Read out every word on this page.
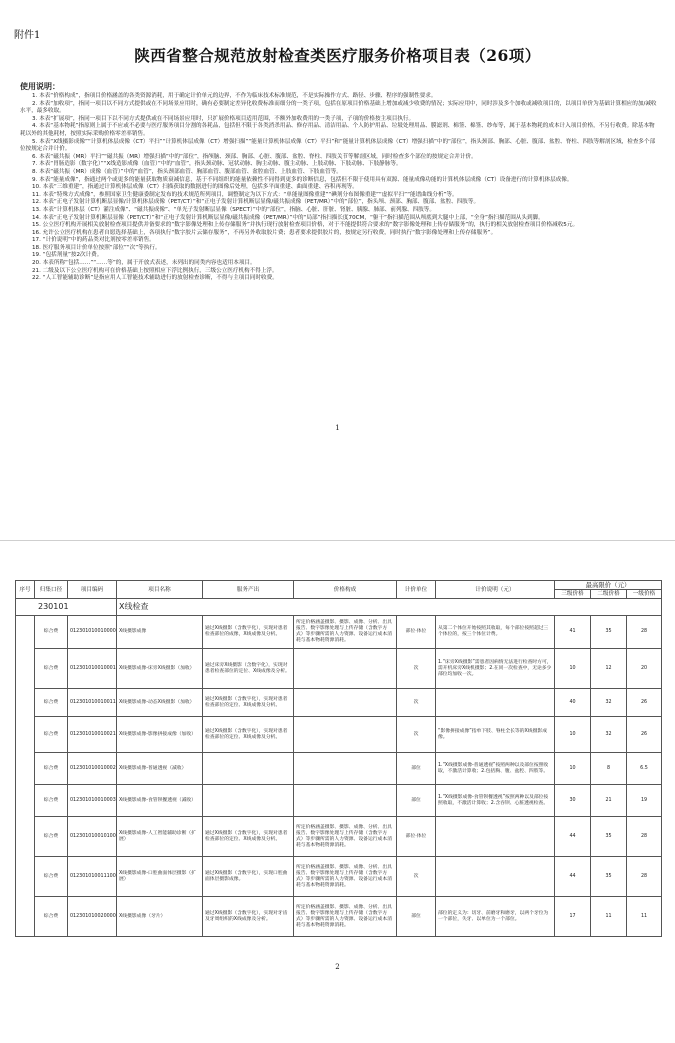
附件1
陕西省整合规范放射检查类医疗服务价格项目表（26项）
使用说明：

1. 本表“价格构成”，指项目价格涵盖的各类资源消耗，用于确定计价单元的边界，不作为临床技术标准规范，不是实际操作方式、路径、步骤、程序的强制性要求。

2. 本表“加收项”，指同一项目以不同方式提供或在不同场景应用时，确有必要制定差异化收费标准而细分的一类子项，包括在原项目价格基础上增加或减少收费的情况；实际应用中，同时涉及多个加收或减收项目的，以项目单价为基础计算相应的加/减收水平，最多收取。

3. 本表“扩展项”，指同一项目下以不同方式提供或在不同场景应用时，只扩展价格项目适用范围，不额外加收费用的一类子项，子项的价格按主项目执行。

4. 本表“基本物耗”指原则上属于不应或不必要与医疗服务项目分割的各耗品，包括但不限于各类消杀用品、修存用品、清洁用品、个人防护用品、垃圾处理用品、膜滤剂、棉签、棉签、纱布等，属于基本物耗的成本计入项目价格，不另行收费。除基本物耗以外的其他耗材，按照实际采购价格零差率销售。

5. 本表“X线摄影成像”“计算机体层成像（CT）平扫”“计算机体层成像（CT）增强扫描”“能量计算机体层成像（CT）平扫”和“能量计算机体层成像（CT）增强扫描”中的“部位”，指头颈部、胸部、心脏、腹部、盆腔、脊柱、四肢等解剖区域，检查多个部位按规定合并计价。

6. 本表“磁共振（MR）平扫”“磁共振（MR）增强扫描”中的“部位”，指颅脑、颈部、胸部、心脏、腹部、盆腔、脊柱、四肢关节等解剖区域，同时检查多个部位的按规定合并计价。

7. 本表“胃肠造影（数字化）”“X线造影成像（血管）”中的“血管”，指头颈动脉、冠状动脉、胸主动脉、腹主动脉、上肢动脉、下肢动脉、下肢静脉等。

8. 本表“磁共振（MR）成像（血管）”中的“血管”，指头颈部血管、胸部血管、腹部血管、盆腔血管、上肢血管、下肢血管等。

9. 本表“能量成像”，指通过两个或更多的能量获取物质衰减信息，基于不同组织的能量依赖性不同得到更多的诊断信息，包括但不限于使用具有双源、能量成像功能的计算机体层成像（CT）设备进行的计算机体层成像。

10. 本表“三维重建”，指通过计算机体层成像（CT）扫描获取的数据进行的图像后处理，包括多平面重建、曲面重建、容积再现等。

11. 本表“特殊方式成像”，参照国家卫生健康委制定发布的技术规范所列项目，调整制定为以下方式：“单能量图像重建”“碘剂分布图像重建”“虚拟平扫”“能谱曲线分析”等。

12. 本表“正电子发射计算机断层显像/计算机体层成像（PET/CT）”和“正电子发射计算机断层显像/磁共振成像（PET/MR）”中的“部位”，指头颅、颈部、胸部、腹部、盆腔、四肢等。

13. 本表“计算机体层（CT）灌注成像”、“磁共振成像”、“单光子发射断层显像（SPECT）”中的“部位”，指脑、心脏、肝脏、肾脏、胰腺、肺部、前列腺、四肢等。

14. 本表“正电子发射计算机断层显像（PET/CT）”和“正电子发射计算机断层显像/磁共振成像（PET/MR）”中的“局部”指扫描长度70CM，“躯干”指扫描范围从颅底到大腿中上部，“全身”指扫描范围从头到脚。

15. 公立医疗机构开展相关放射检查项目提供并备要求的“数字影像处理和上传存储服务”并执行现行放射检查项目价格，对于不能提供符合要求的“数字影像处理和上传存储服务”的，执行的相关放射检查项目价格减收5元。

16. 允许公立医疗机构在患者自愿选择基础上，各项执行“数字胶片云储存服务”，不再另外收取胶片费；患者要求提供胶片的，按规定另行收费，同时执行“数字影像处理和上传存储服务”。

17. “计价说明”中的药品类对比剂按零差率销售。

18. 医疗服务项目计价单位按照“部位”“次”等执行。

19. “包括剂量”按2次计费。

20. 本表所称“包括……”“……等”的，属于开放式表述，未列出的同类内容也适用本项目。

21. 二级及以下公立医疗机构可在价格基础上按照相应下浮比例执行，三级公立医疗机构不得上浮。

22. “人工智能辅助诊断”是指应用人工智能技术辅助进行的放射检查诊断，不得与主项目同时收费。

1
序号	归集口径	项目编码	项目名称	服务产出	价格构成	计价单位	计价说明（元）	最高限价（元）		
								三级价格	二级价格	一级价格
230101			X线检查							
	综合费	012301010010000	X线摄影成像	通过X线摄影（含数字化），实现对患者检查部位的成像，X线成像及分析。	所定价格涵盖摄影、摄影、成像、分析、出具报告、数字影像处理与上传存储（含数字方式）等步骤所需的人力资源、设备运行成本消耗与基本物耗资源消耗。	部位·体位	从第二个体位开始按照其收取，每个部位按照超过三个体位的，按三个体位计费。	41	35	28
	综合费	012301010010001	X线摄影成像-床旁X线摄影（加收）	通过床旁X线摄影（含数字化），实现对患者检查部位的定位、X线成像及分析。		次	1.“床旁X线摄影”需患者因病情无法进行检查时方可，需开机床旁X线机摄影；2.在同一次检查中，无论多少部位均加收一次。	10	12	20
	综合费	012301010010011	X线摄影成像-动态X线摄影（加收）	通过X线摄影（含数字化），实现对患者检查部位的定位、X线成像及分析。		次		40	32	26
	综合费	012301010010021	X线摄影成像-影像拼接成像（加收）	通过X线摄影（含数字化），实现对患者检查部位的定位、X线成像及分析。		次	“影像拼接成像”指单下肢、脊柱全长等的X线摄影成像。	10	32	26
	综合费	012301010010002	X线摄影成像-普通透视（减收）			部位	1.“X线摄影成像-普通透视”按照两种以及部位按照收取，不激活计算收；2.包括胸、腹、盆腔、四肢等。	10	8	6.5
	综合费	012301010010003	X线摄影成像-食管钡餐透视（减收）			部位	1.“X线摄影成像-食管钡餐透视”按照两种以及部位按照收取，不激活计算收；2.含吞钡、心脏透视检查。	30	21	19
	综合费	012301010010100	X线摄影成像-人工智能辅助诊断（扩展）	通过X线摄影（含数字化），实现对患者检查部位的定位、X线成像及分析。	所定价格涵盖摄影、摄影、成像、分析、出具报告、数字影像处理与上传存储（含数字方式）等步骤所需的人力资源、设备运行成本消耗与基本物耗资源消耗。	部位·体位		44	35	28
	综合费	012301010011100	X线摄影成像-口腔曲面体层摄影（扩展）	通过X线摄影（含数字化），实现口腔曲面体层摄影成像。	所定价格涵盖摄影、摄影、成像、分析、出具报告、数字影像处理与上传存储（含数字方式）等步骤所需的人力资源、设备运行成本消耗与基本物耗资源消耗。	次		44	35	28
	综合费	012301010020000	X线摄影成像（牙片）	通过X线摄影（含数字化），实现对牙齿及牙周组织的X线成像及分析。	所定价格涵盖摄影、摄影、成像、分析、出具报告、数字影像处理与上传存储（含数字方式）等步骤所需的人力资源、设备运行成本消耗与基本物耗资源消耗。	部位	部位的定义为：切牙、前磨牙和磨牙，以两个牙位为一个部位，失牙、以单位为一个部位。	17	11	11
2
